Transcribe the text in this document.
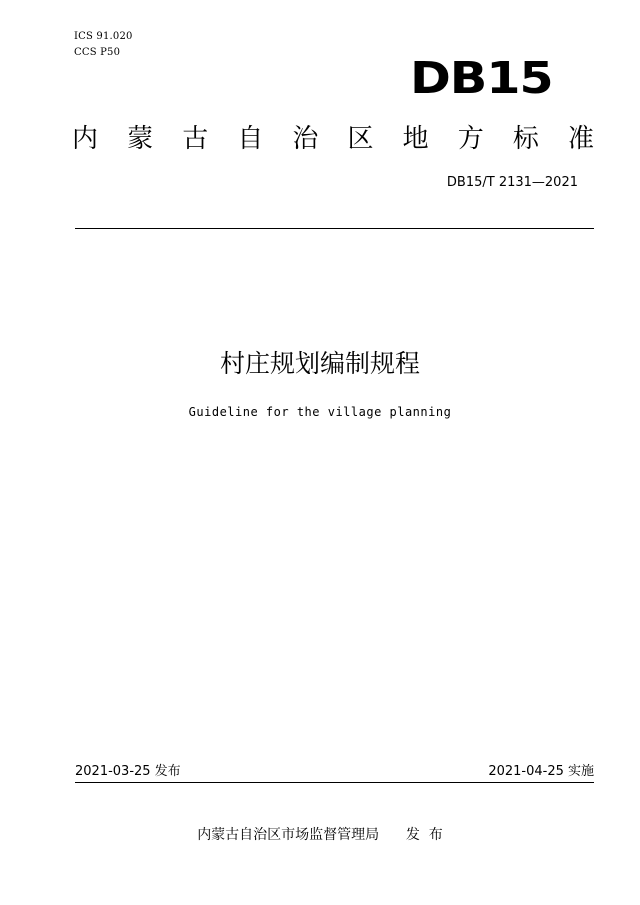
ICS 91.020
CCS P50
DB15
内 蒙 古 自 治 区 地 方 标 准
DB15/T 2131—2021
村庄规划编制规程
Guideline for the village planning
2021-03-25 发布	2021-04-25 实施
内蒙古自治区市场监督管理局      发  布
